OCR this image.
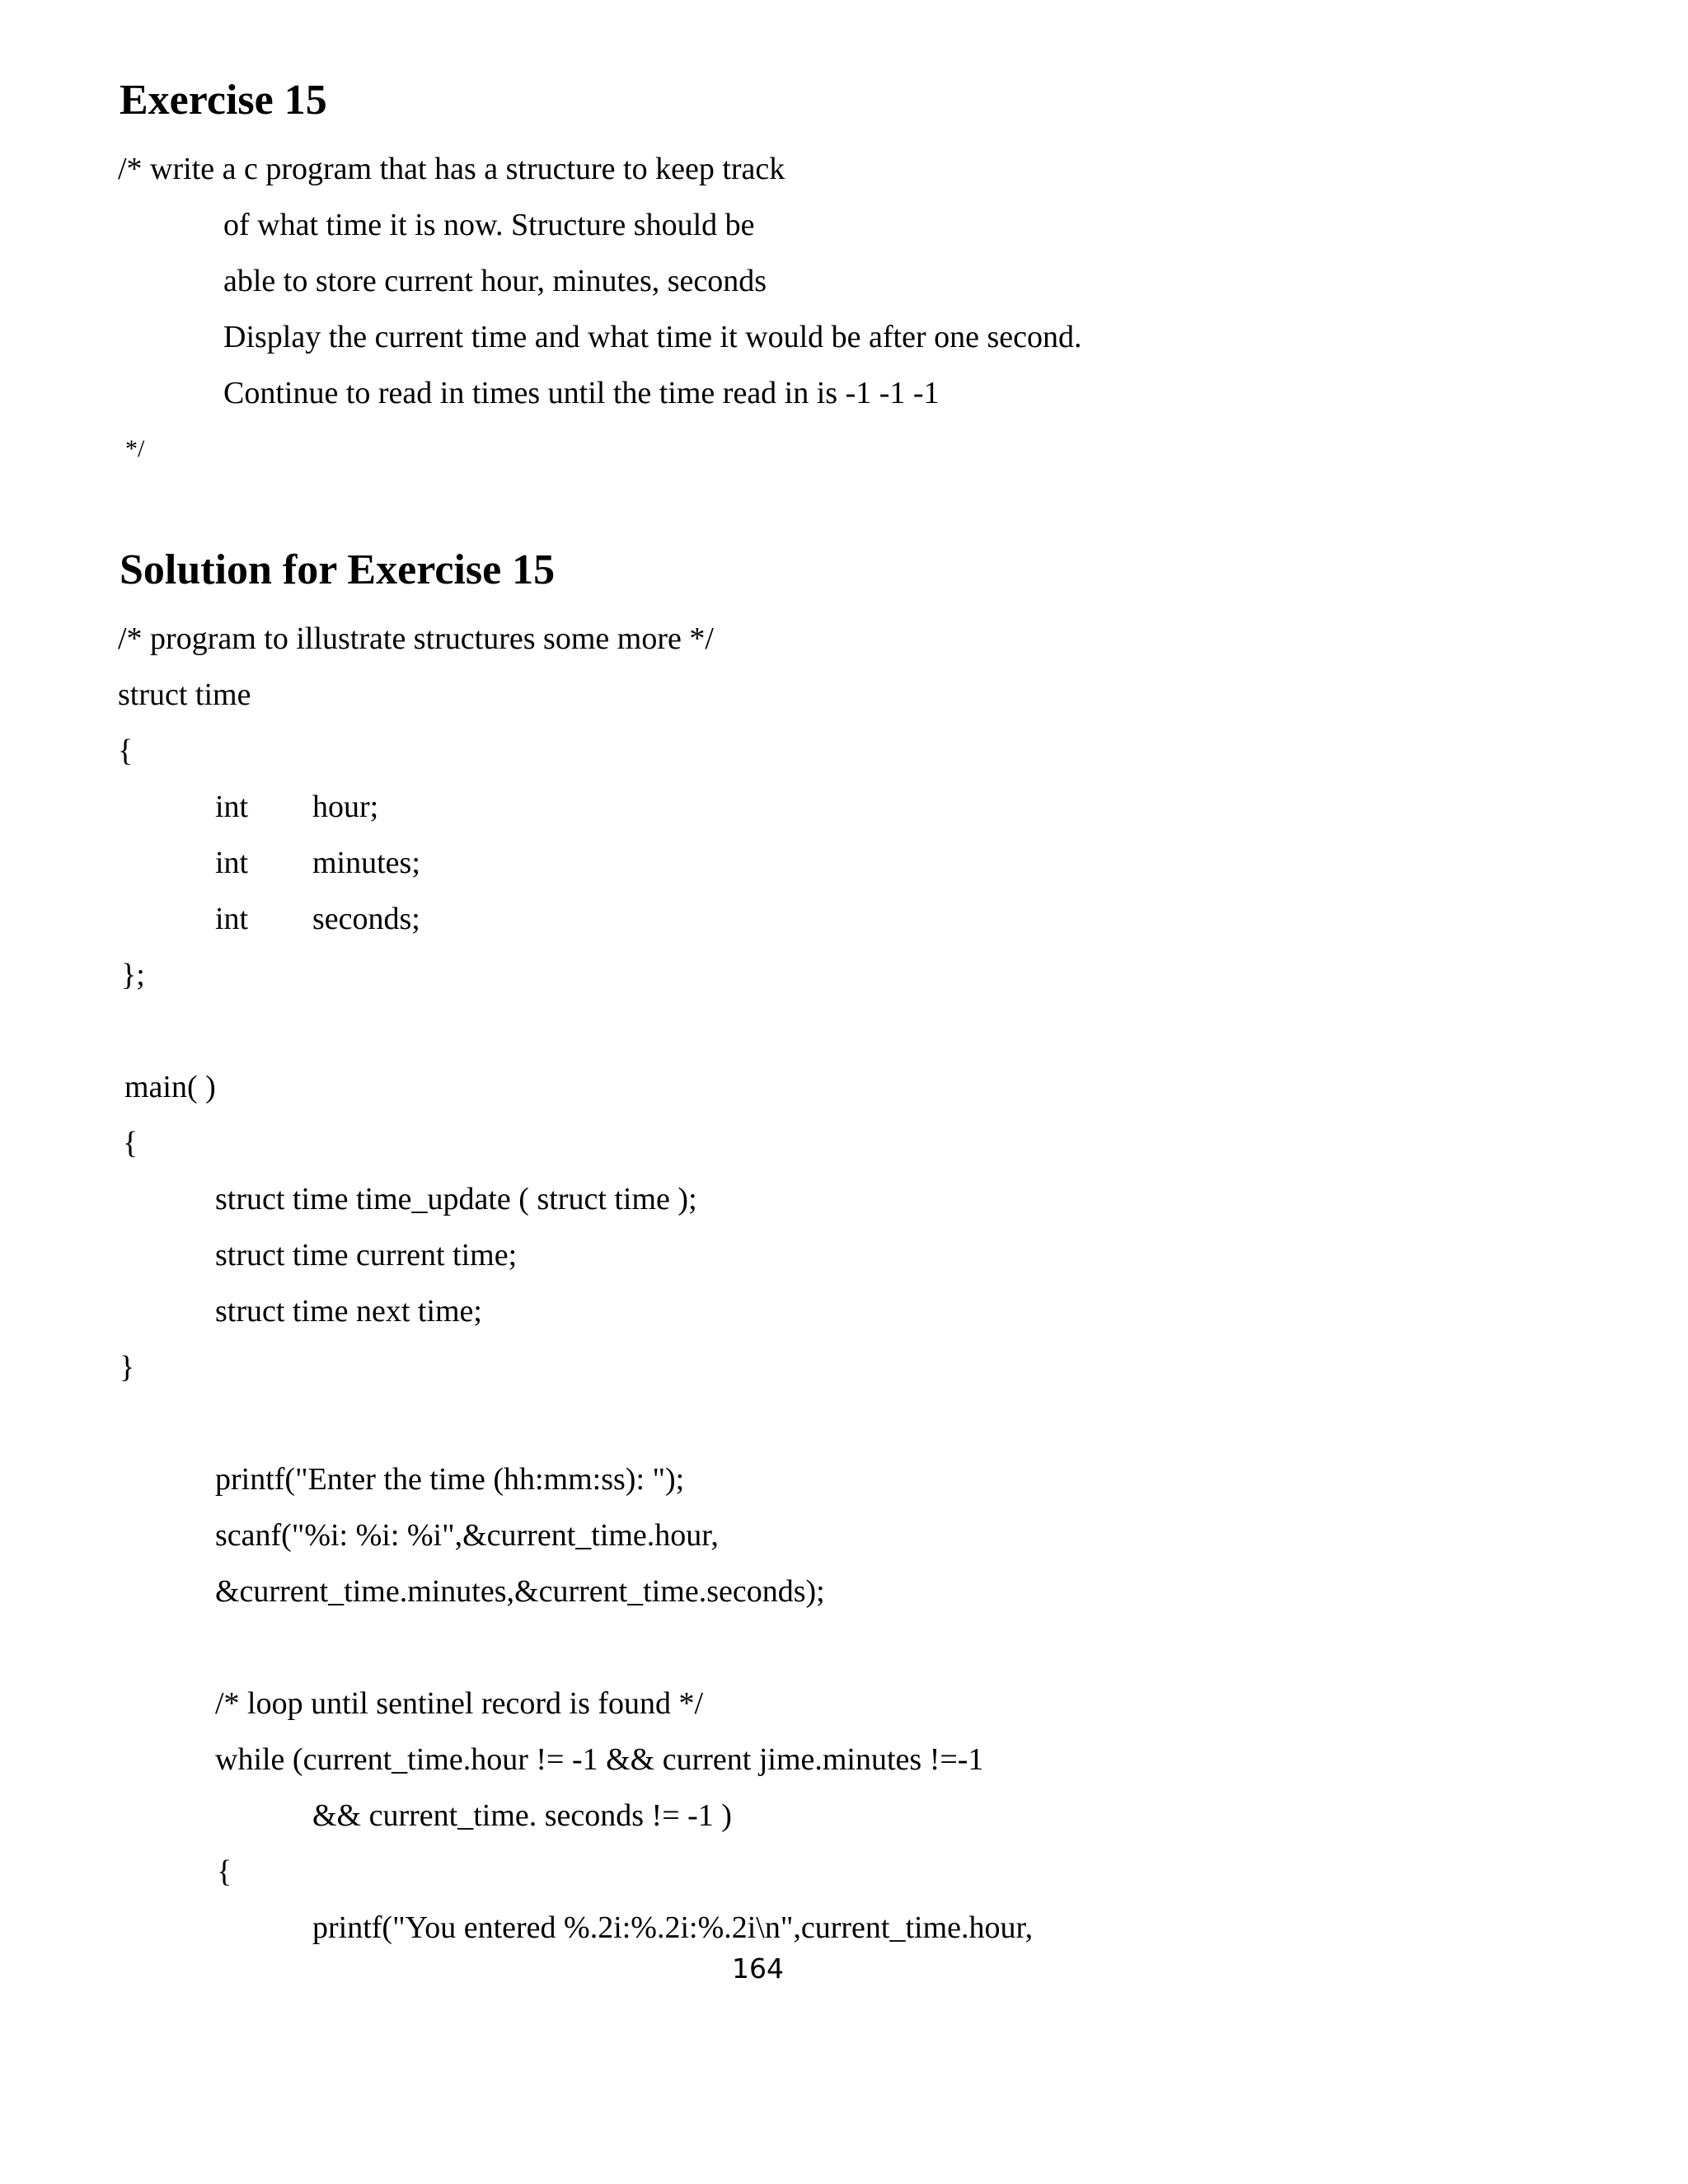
Exercise 15
/* write a c program that has a structure to keep track
of what time it is now. Structure should be
able to store current hour, minutes, seconds
Display the current time and what time it would be after one second.
Continue to read in times until the time read in is -1 -1 -1
*/
Solution for Exercise 15
/* program to illustrate structures some more */
struct time
{
int hour;
int minutes;
int seconds;
};
main( )
{
struct time time_update ( struct time );
struct time current time;
struct time next time;
}
printf("Enter the time (hh:mm:ss): ");
scanf("%i: %i: %i",&current_time.hour,
&current_time.minutes,&current_time.seconds);
/* loop until sentinel record is found */
while (current_time.hour != -1 && current jime.minutes !=-1
&& current_time. seconds != -1 )
{
printf("You entered %.2i:%.2i:%.2i\n",current_time.hour,
164
